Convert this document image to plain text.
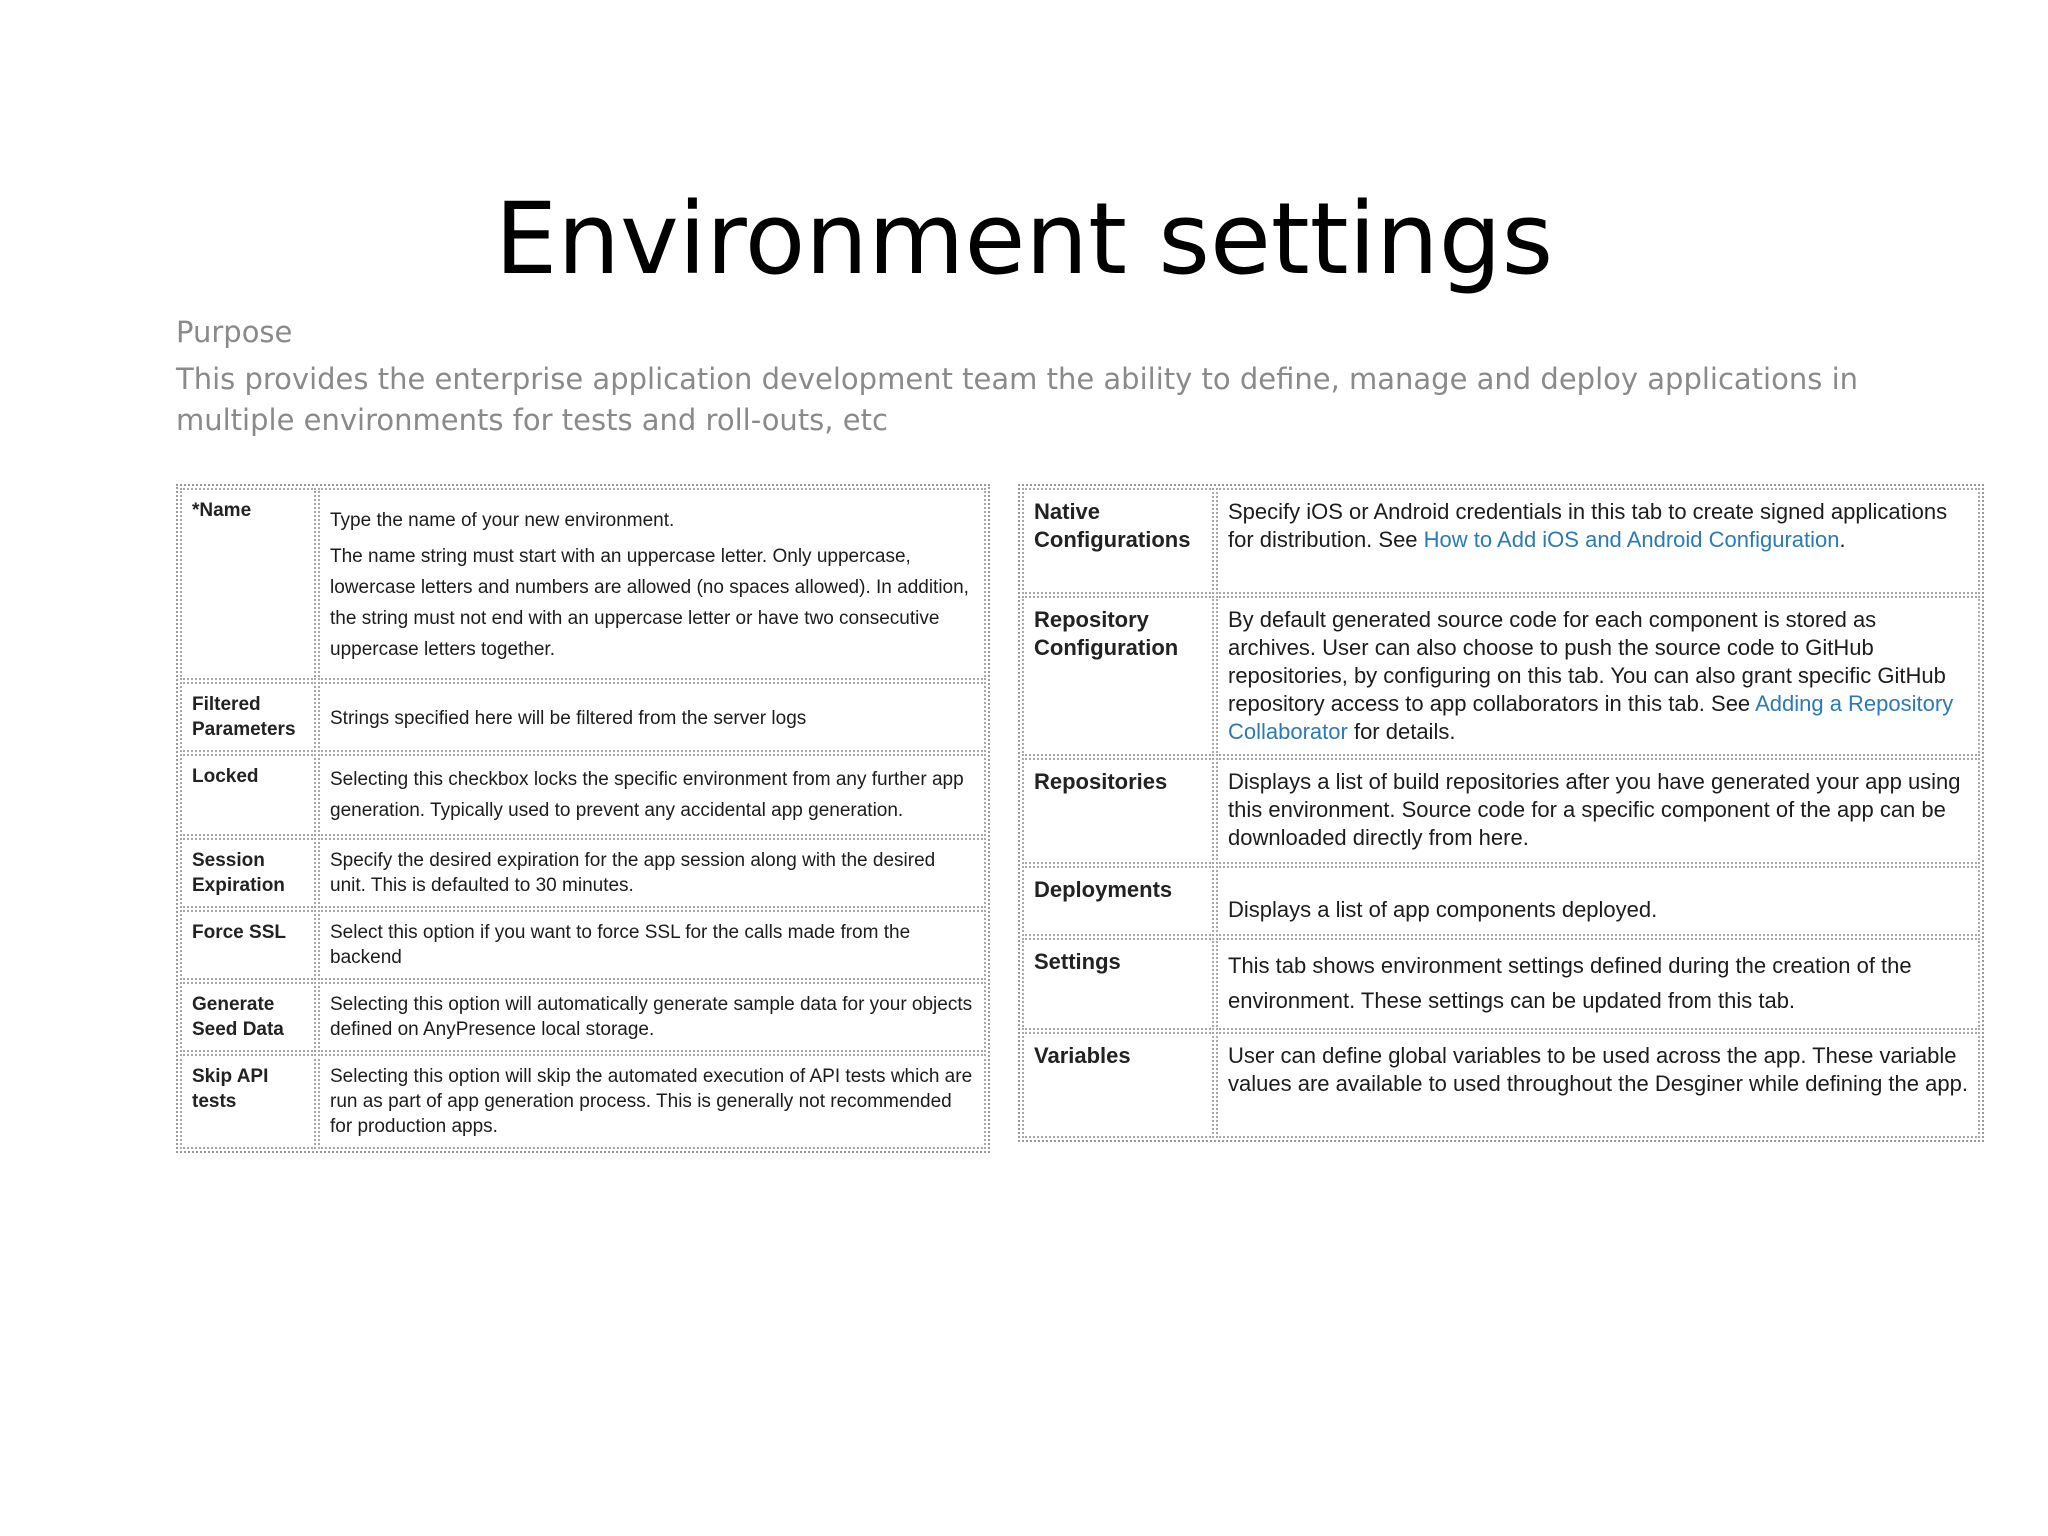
Environment settings

Purpose

This provides the enterprise application development team the ability to define, manage and deploy applications in multiple environments for tests and roll-outs, etc

*Name	Type the name of your new environment.
The name string must start with an uppercase letter. Only uppercase, lowercase letters and numbers are allowed (no spaces allowed). In addition, the string must not end with an uppercase letter or have two consecutive uppercase letters together.

Filtered Parameters	Strings specified here will be filtered from the server logs
Locked	Selecting this checkbox locks the specific environment from any further app generation. Typically used to prevent any accidental app generation.
Session Expiration	Specify the desired expiration for the app session along with the desired unit. This is defaulted to 30 minutes.
Force SSL	Select this option if you want to force SSL for the calls made from the backend
Generate Seed Data	Selecting this option will automatically generate sample data for your objects defined on AnyPresence local storage.
Skip API tests	Selecting this option will skip the automated execution of API tests which are run as part of app generation process. This is generally not recommended for production apps.
Native Configurations	Specify iOS or Android credentials in this tab to create signed applications for distribution. See How to Add iOS and Android Configuration.
Repository Configuration	By default generated source code for each component is stored as archives. User can also choose to push the source code to GitHub repositories, by configuring on this tab. You can also grant specific GitHub repository access to app collaborators in this tab. See Adding a Repository Collaborator for details.
Repositories	Displays a list of build repositories after you have generated your app using this environment. Source code for a specific component of the app can be downloaded directly from here.
Deployments	Displays a list of app components deployed.
Settings	This tab shows environment settings defined during the creation of the environment. These settings can be updated from this tab.
Variables	User can define global variables to be used across the app. These variable values are available to used throughout the Desginer while defining the app.
